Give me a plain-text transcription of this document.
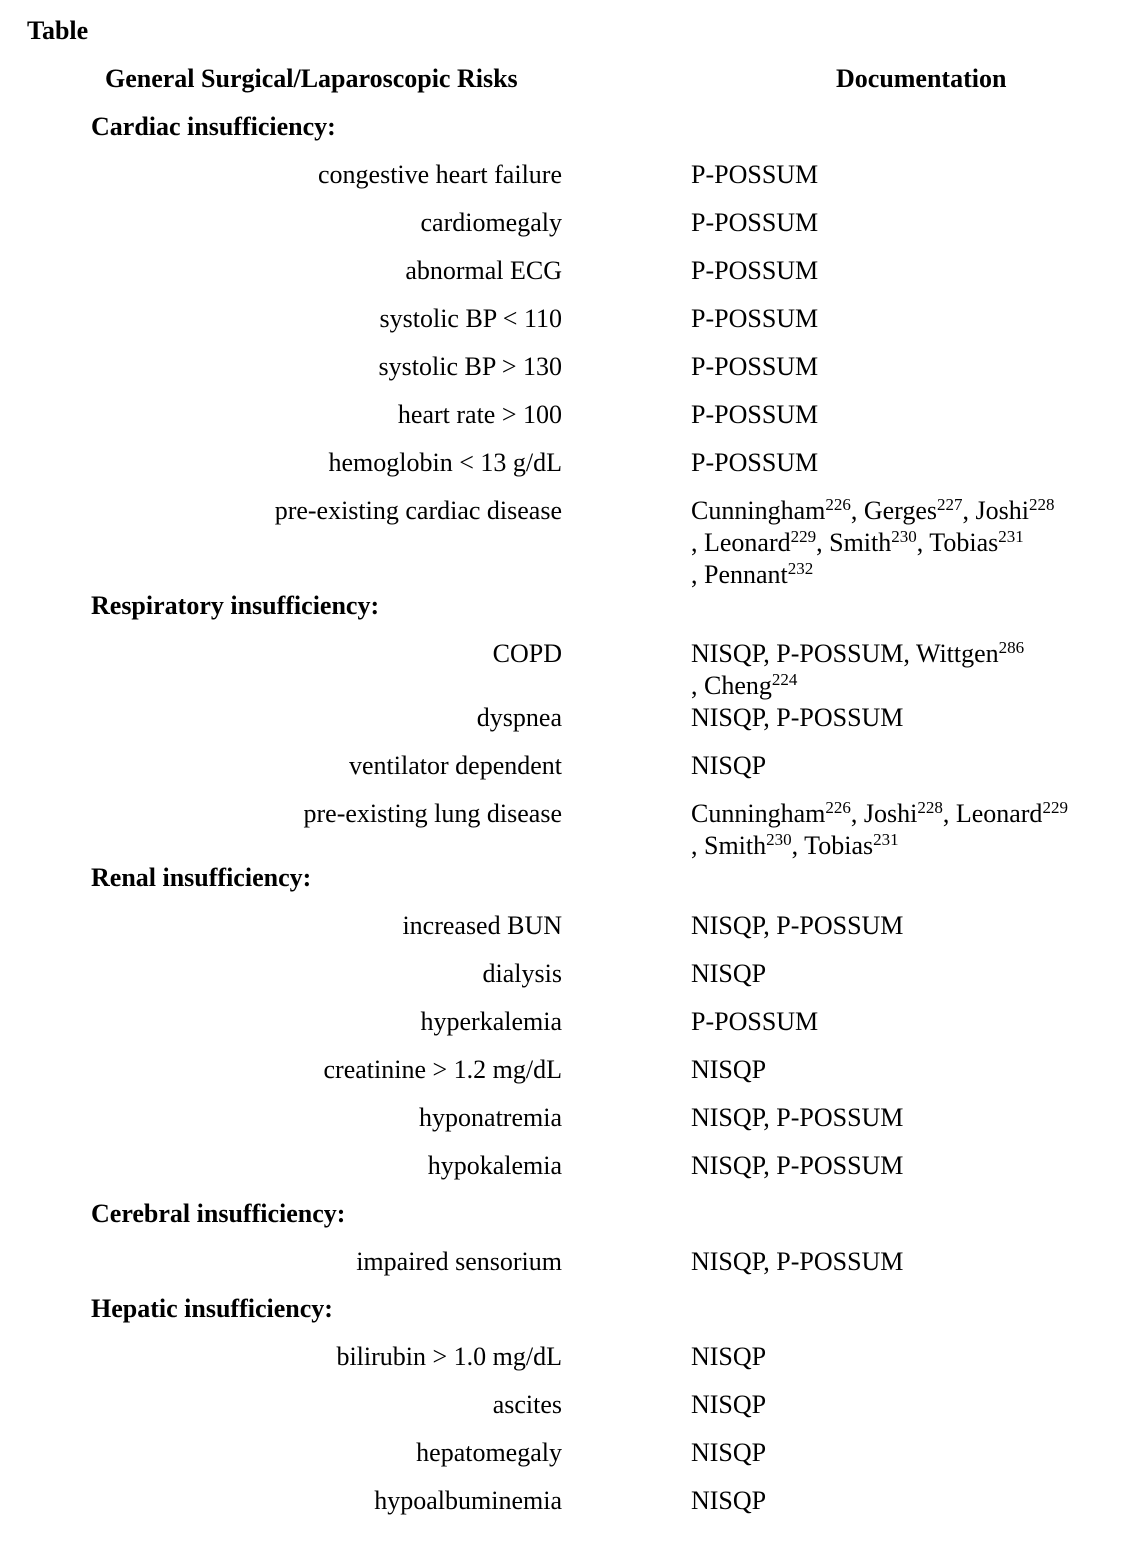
Table
General Surgical/Laparoscopic Risks	Documentation
Cardiac insufficiency:
congestive heart failure	P-POSSUM
cardiomegaly	P-POSSUM
abnormal ECG	P-POSSUM
systolic BP < 110	P-POSSUM
systolic BP > 130	P-POSSUM
heart rate > 100	P-POSSUM
hemoglobin < 13 g/dL	P-POSSUM
pre-existing cardiac disease	Cunningham$^{226}$, Gerges$^{227}$, Joshi$^{228}$
, Leonard$^{229}$, Smith$^{230}$, Tobias$^{231}$
, Pennant$^{232}$
Respiratory insufficiency:
COPD	NISQP, P-POSSUM, Wittgen$^{286}$
, Cheng$^{224}$
dyspnea	NISQP, P-POSSUM
ventilator dependent	NISQP
pre-existing lung disease	Cunningham$^{226}$, Joshi$^{228}$, Leonard$^{229}$
, Smith$^{230}$, Tobias$^{231}$
Renal insufficiency:
increased BUN	NISQP, P-POSSUM
dialysis	NISQP
hyperkalemia	P-POSSUM
creatinine > 1.2 mg/dL	NISQP
hyponatremia	NISQP, P-POSSUM
hypokalemia	NISQP, P-POSSUM
Cerebral insufficiency:
impaired sensorium	NISQP, P-POSSUM
Hepatic insufficiency:
bilirubin > 1.0 mg/dL	NISQP
ascites	NISQP
hepatomegaly	NISQP
hypoalbuminemia	NISQP
